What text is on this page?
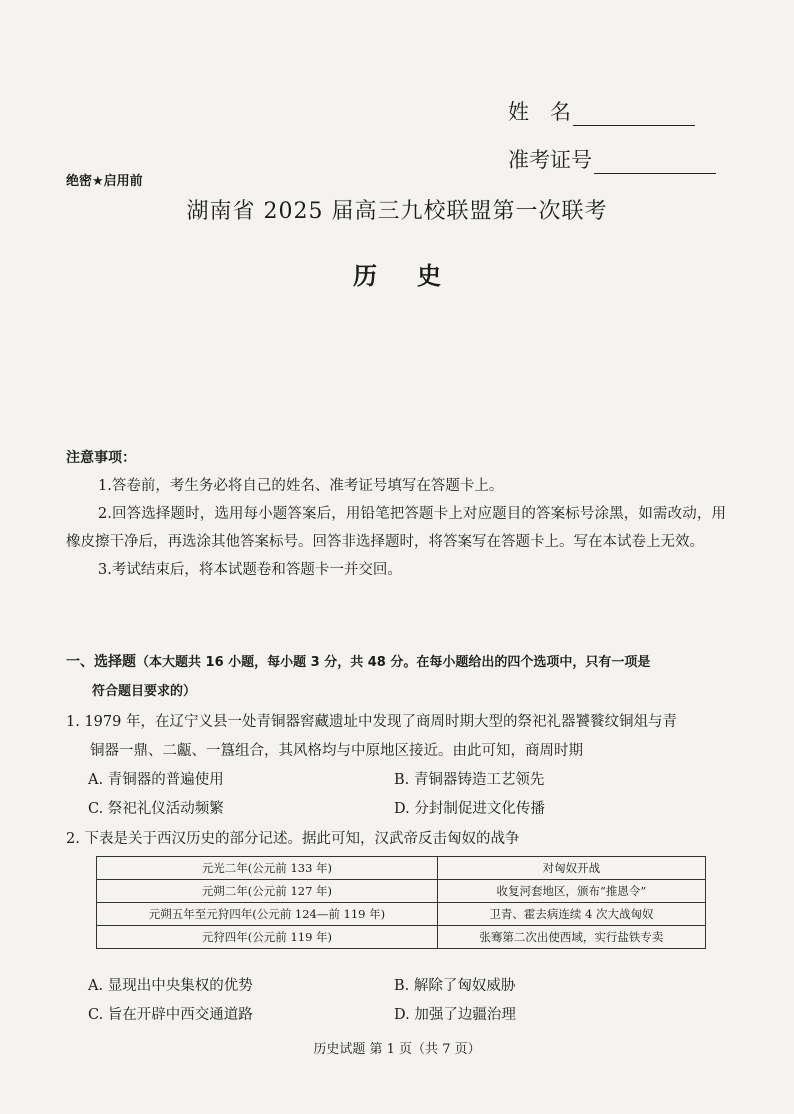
姓　名
准考证号
绝密★启用前
湖南省 2025 届高三九校联盟第一次联考
历史
注意事项：

1.答卷前，考生务必将自己的姓名、准考证号填写在答题卡上。

2.回答选择题时，选用每小题答案后，用铅笔把答题卡上对应题目的答案标号涂黑，如需改动，用橡皮擦干净后，再选涂其他答案标号。回答非选择题时，将答案写在答题卡上。写在本试卷上无效。

3.考试结束后，将本试题卷和答题卡一并交回。

一、选择题（本大题共 16 小题，每小题 3 分，共 48 分。在每小题给出的四个选项中，只有一项是
符合题目要求的）

1. 1979 年，在辽宁义县一处青铜器窖藏遗址中发现了商周时期大型的祭祀礼器饕餮纹铜俎与青

铜器一鼎、二甗、一簋组合，其风格均与中原地区接近。由此可知，商周时期

A. 青铜器的普遍使用	B. 青铜器铸造工艺领先
C. 祭祀礼仪活动频繁	D. 分封制促进文化传播

2. 下表是关于西汉历史的部分记述。据此可知，汉武帝反击匈奴的战争

元光二年(公元前 133 年)	对匈奴开战
元朔二年(公元前 127 年)	收复河套地区，颁布“推恩令”
元朔五年至元狩四年(公元前 124—前 119 年)	卫青、霍去病连续 4 次大战匈奴
元狩四年(公元前 119 年)	张骞第二次出使西域，实行盐铁专卖
A. 显现出中央集权的优势	B. 解除了匈奴威胁
C. 旨在开辟中西交通道路	D. 加强了边疆治理
历史试题 第 1 页（共 7 页）
